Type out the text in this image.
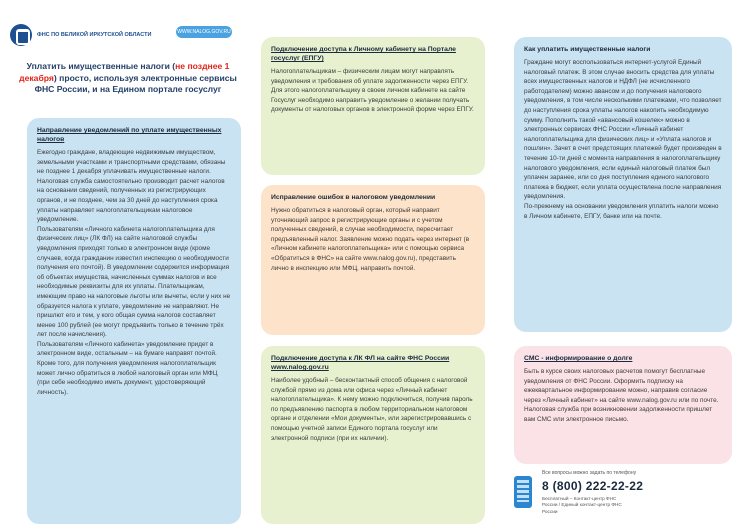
ФНС ПО ВЕЛИКОЙ ИРКУТСКОЙ ОБЛАСТИ	WWW.NALOG.GOV.RU
Уплатить имущественные налоги (не позднее 1 декабря) просто, используя электронные сервисы ФНС России, и на Едином портале госуслуг
Направление уведомлений по уплате имущественных налогов

Ежегодно граждане, владеющие недвижимым имуществом, земельными участками и транспортными средствами, обязаны не позднее 1 декабря уплачивать имущественные налоги. Налоговая служба самостоятельно производит расчет налогов на основании сведений, полученных из регистрирующих органов, и не позднее, чем за 30 дней до наступления срока уплаты направляет налогоплательщикам налоговое уведомление.

Пользователям «Личного кабинета налогоплательщика для физических лиц» (ЛК ФЛ) на сайте налоговой службы уведомления приходят только в электронном виде (кроме случаев, когда гражданин известил инспекцию о необходимости получения его почтой). В уведомлении содержится информация об объектах имущества, начисленных суммах налогов и все необходимые реквизиты для их уплаты. Плательщикам, имеющим право на налоговые льготы или вычеты, если у них не образуется налога к уплате, уведомление не направляют. Не пришлют его и тем, у кого общая сумма налогов составляет менее 100 рублей (ее могут предъявить только в течение трёх лет после начисления).

Пользователям «Личного кабинета» уведомление придет в электронном виде, остальным – на бумаге направят почтой. Кроме того, для получения уведомления налогоплательщик может лично обратиться в любой налоговый орган или МФЦ (при себе необходимо иметь документ, удостоверяющий личность).

Подключение доступа к Личному кабинету на Портале госуслуг (ЕПГУ)

Налогоплательщикам – физическим лицам могут направлять уведомления и требования об уплате задолженности через ЕПГУ. Для этого налогоплательщику в своем личном кабинете на сайте Госуслуг необходимо направить уведомление о желании получать документы от налоговых органов в электронной форме через ЕПГУ.

Исправление ошибок в налоговом уведомлении

Нужно обратиться в налоговый орган, который направит уточняющий запрос в регистрирующие органы и с учетом полученных сведений, в случае необходимости, пересчитает предъявленный налог. Заявление можно подать через интернет (в «Личном кабинете налогоплательщика» или с помощью сервиса «Обратиться в ФНС» на сайте www.nalog.gov.ru), представить лично в инспекцию или МФЦ, направить почтой.

Подключение доступа к ЛК ФЛ на сайте ФНС России www.nalog.gov.ru

Наиболее удобный – бесконтактный способ общения с налоговой службой прямо из дома или офиса через «Личный кабинет налогоплательщика». К нему можно подключиться, получив пароль по предъявлению паспорта в любом территориальном налоговом органе и отделении «Мои документы», или зарегистрировавшись с помощью учетной записи Единого портала госуслуг или электронной подписи (при их наличии).

Как уплатить имущественные налоги

Граждане могут воспользоваться интернет-услугой Единый налоговый платеж. В этом случае вносить средства для уплаты всех имущественных налогов и НДФЛ (не исчисленного работодателем) можно авансом и до получения налогового уведомления, в том числе несколькими платежами, что позволяет до наступления срока уплаты налогов накопить необходимую сумму. Пополнить такой «авансовый кошелек» можно в электронных сервисах ФНС России «Личный кабинет налогоплательщика для физических лиц» и «Уплата налогов и пошлин». Зачет в счет предстоящих платежей будет произведен в течение 10-ти дней с момента направления в налогоплательщику налогового уведомления, если единый налоговый платеж был уплачен заранее, или со дня поступления единого налогового платежа в бюджет, если уплата осуществлена после направления уведомления.

По-прежнему на основании уведомления уплатить налоги можно в Личном кабинете, ЕПГУ, банке или на почте.

СМС - информирование о долге

Быть в курсе своих налоговых расчетов помогут бесплатные уведомления от ФНС России. Оформить подписку на ежеквартальное информирование можно, направив согласие через «Личный кабинет» на сайте www.nalog.gov.ru или по почте. Налоговая служба при возникновении задолженности пришлет вам СМС или электронное письмо.

Все вопросы можно задать по телефону
8 (800) 222-22-22
Бесплатный – Контакт-центр ФНС России / Единый контакт-центр ФНС России
